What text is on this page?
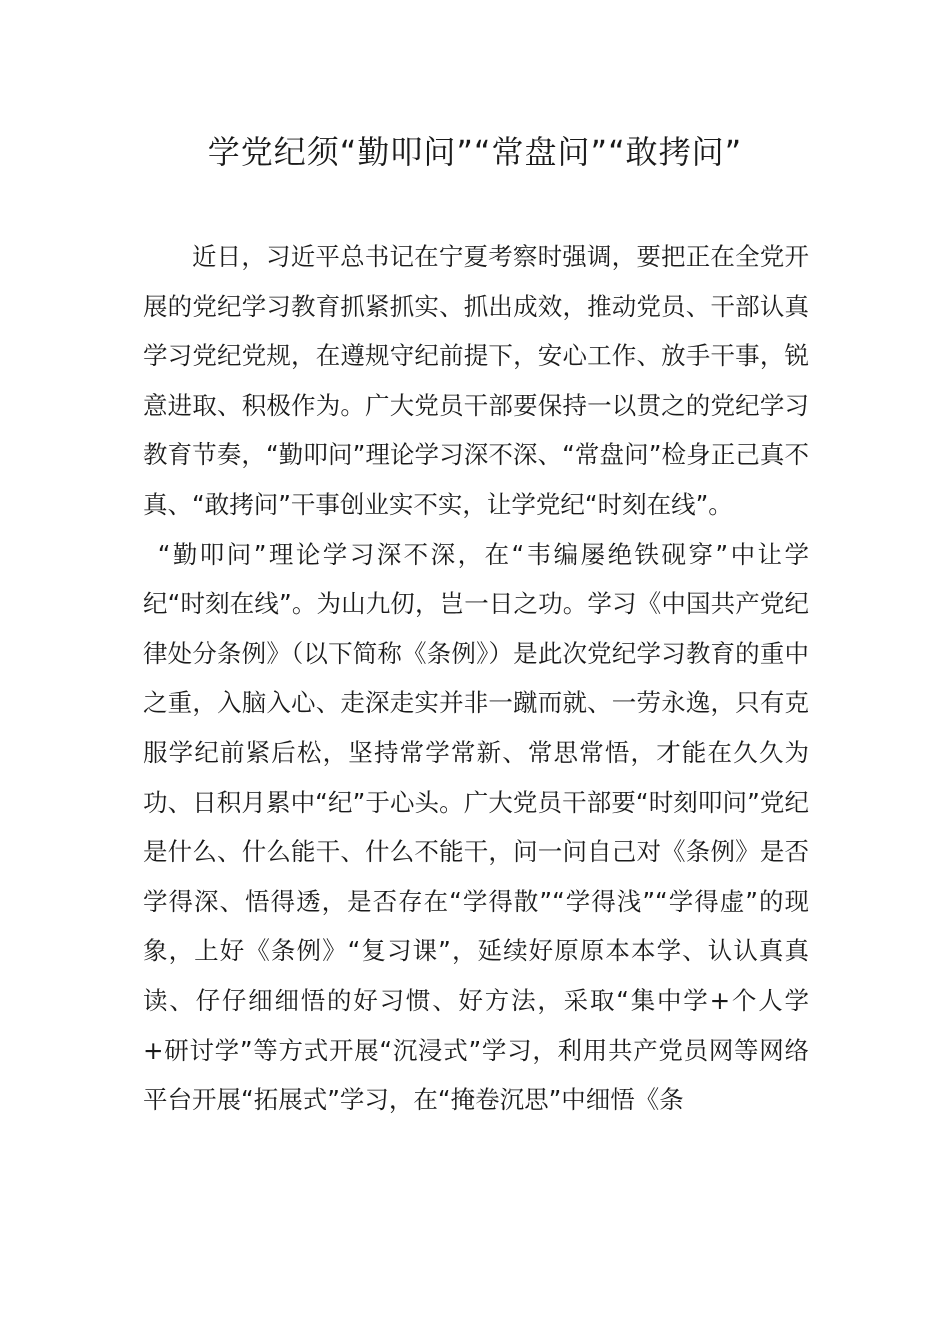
学党纪须“勤叩问”“常盘问”“敢拷问”

近日，习近平总书记在宁夏考察时强调，要把正在全党开展的党纪学习教育抓紧抓实、抓出成效，推动党员、干部认真学习党纪党规，在遵规守纪前提下，安心工作、放手干事，锐意进取、积极作为。广大党员干部要保持一以贯之的党纪学习教育节奏，“勤叩问”理论学习深不深、“常盘问”检身正己真不真、“敢拷问”干事创业实不实，让学党纪“时刻在线”。

“勤叩问”理论学习深不深，在“韦编屡绝铁砚穿”中让学纪“时刻在线”。为山九仞，岂一日之功。学习《中国共产党纪律处分条例》（以下简称《条例》）是此次党纪学习教育的重中之重，入脑入心、走深走实并非一蹴而就、一劳永逸，只有克服学纪前紧后松，坚持常学常新、常思常悟，才能在久久为功、日积月累中“纪”于心头。广大党员干部要“时刻叩问”党纪是什么、什么能干、什么不能干，问一问自己对《条例》是否学得深、悟得透，是否存在“学得散”“学得浅”“学得虚”的现象，上好《条例》“复习课”，延续好原原本本学、认认真真读、仔仔细细悟的好习惯、好方法，采取“集中学+个人学+研讨学”等方式开展“沉浸式”学习，利用共产党员网等网络平台开展“拓展式”学习，在“掩卷沉思”中细悟《条
